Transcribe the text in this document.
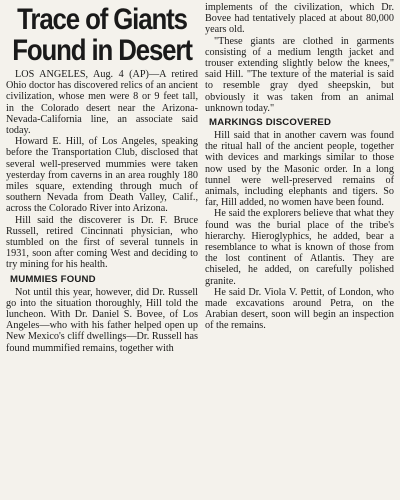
Trace of Giants
Found in Desert

LOS ANGELES, Aug. 4 (AP)—A retired Ohio doctor has discovered relics of an ancient civilization, whose men were 8 or 9 feet tall, in the Colorado desert near the Arizona-Nevada-California line, an associate said today.

Howard E. Hill, of Los Angeles, speaking before the Transportation Club, disclosed that several well-preserved mummies were taken yesterday from caverns in an area roughly 180 miles square, extending through much of southern Nevada from Death Valley, Calif., across the Colorado River into Arizona.

Hill said the discoverer is Dr. F. Bruce Russell, retired Cincinnati physician, who stumbled on the first of several tunnels in 1931, soon after coming West and deciding to try mining for his health.

MUMMIES FOUND

Not until this year, however, did Dr. Russell go into the situation thoroughly, Hill told the luncheon. With Dr. Daniel S. Bovee, of Los Angeles—who with his father helped open up New Mexico's cliff dwellings—Dr. Russell has found mummified remains, together with

implements of the civilization, which Dr. Bovee had tentatively placed at about 80,000 years old.

"These giants are clothed in garments consisting of a medium length jacket and trouser extending slightly below the knees," said Hill. "The texture of the material is said to resemble gray dyed sheepskin, but obviously it was taken from an animal unknown today."

MARKINGS DISCOVERED

Hill said that in another cavern was found the ritual hall of the ancient people, together with devices and markings similar to those now used by the Masonic order. In a long tunnel were well-preserved remains of animals, including elephants and tigers. So far, Hill added, no women have been found.

He said the explorers believe that what they found was the burial place of the tribe's hierarchy. Hieroglyphics, he added, bear a resemblance to what is known of those from the lost continent of Atlantis. They are chiseled, he added, on carefully polished granite.

He said Dr. Viola V. Pettit, of London, who made excavations around Petra, on the Arabian desert, soon will begin an inspection of the remains.
